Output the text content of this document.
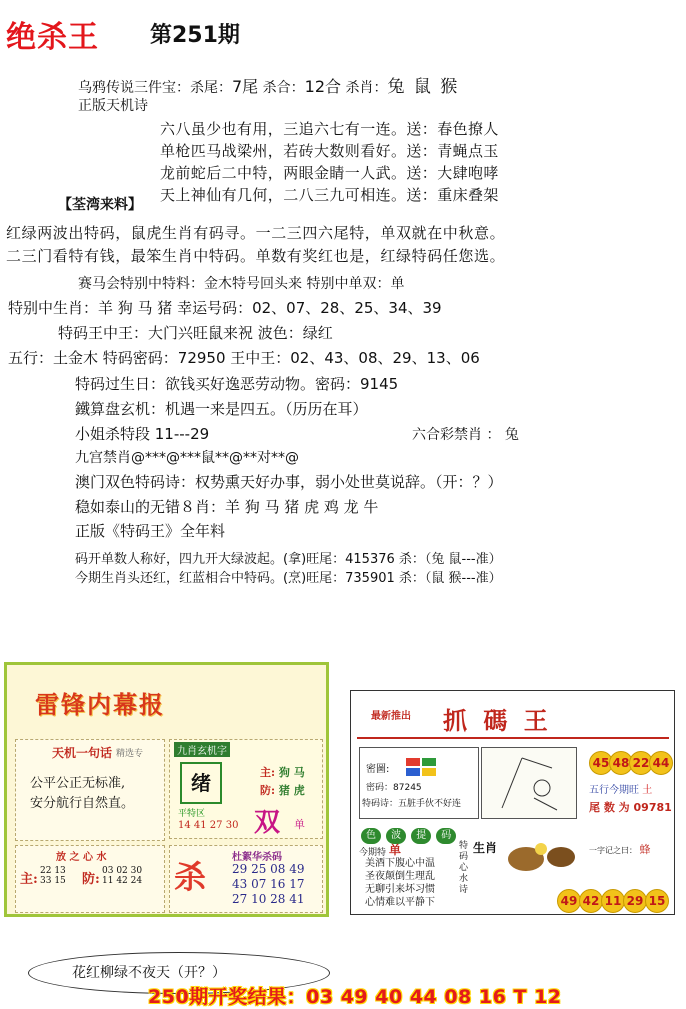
绝杀王 第251期
乌鸦传说三件宝：杀尾：7尾 杀合：12合 杀肖：兔 鼠 猴
正版天机诗
六八虽少也有用，三追六七有一连。送：春色撩人
单枪匹马战梁州，若砖大数则看好。送：青蝇点玉
龙前蛇后二中特，两眼金睛一人武。送：大肆咆哮
天上神仙有几何，二八三九可相连。送：重床叠架
【荃湾来料】
红绿两波出特码，鼠虎生肖有码寻。一二三四六尾特，单双就在中秋意。
二三门看特有钱，最笨生肖中特码。单数有奖红也是，红绿特码任您选。
赛马会特别中特料：金木特号回头来 特别中单双：单
特别中生肖：羊 狗 马 猪 幸运号码：02、07、28、25、34、39
特码王中王：大门兴旺鼠来祝 波色：绿红
五行：土金木 特码密码：72950 王中王：02、43、08、29、13、06
特码过生日：欲钱买好逸恶劳动物。密码：9145
鐵算盘玄机：机遇一来是四五。（历历在耳）
小姐杀特段 11---29	六合彩禁肖 ： 兔
九宫禁肖@***@***鼠**@**对**@
澳门双色特码诗：权势熏天好办事，弱小处世莫说辞。（开：？）
稳如泰山的无错８肖：羊 狗 马 猪 虎 鸡 龙 牛
正版《特码王》全年料
码开单数人称好，四九开大绿波起。(拿)旺尾：415376 杀：（兔 鼠---准）
今期生肖头还红，红蓝相合中特码。(烹)旺尾：735901 杀：（鼠 猴---准）
雷锋内幕报
天机一句话 精选专
公平公正无标准,
安分航行自然直。
九肖玄机字
绪	主: 狗 马
防: 猪 虎
平特区
14 41 27 30 双 单
放 之 心 水
主:
22 13
33 15 防:
03 02 30
11 42 24 杀
杜絮华杀码
29 25 08 49
43 07 16 17
27 10 28 41
最新推出 抓 碼 王
密圖:
密码：87245
特码诗：五脏手伙不好连
45 48 22 44
五行今期旺 土
尾 数 为 09781
色 波 提 码
今期特 单
美酒下腹心中温
圣夜颠倒生理乱
无聊引来坏习惯
心情难以平静下
特码心水诗
生肖	一字记之曰： 蜂
49 42 11 29 15
花红柳绿不夜天（开？）
250期开奖结果：03 49 40 44 08 16 T 12
